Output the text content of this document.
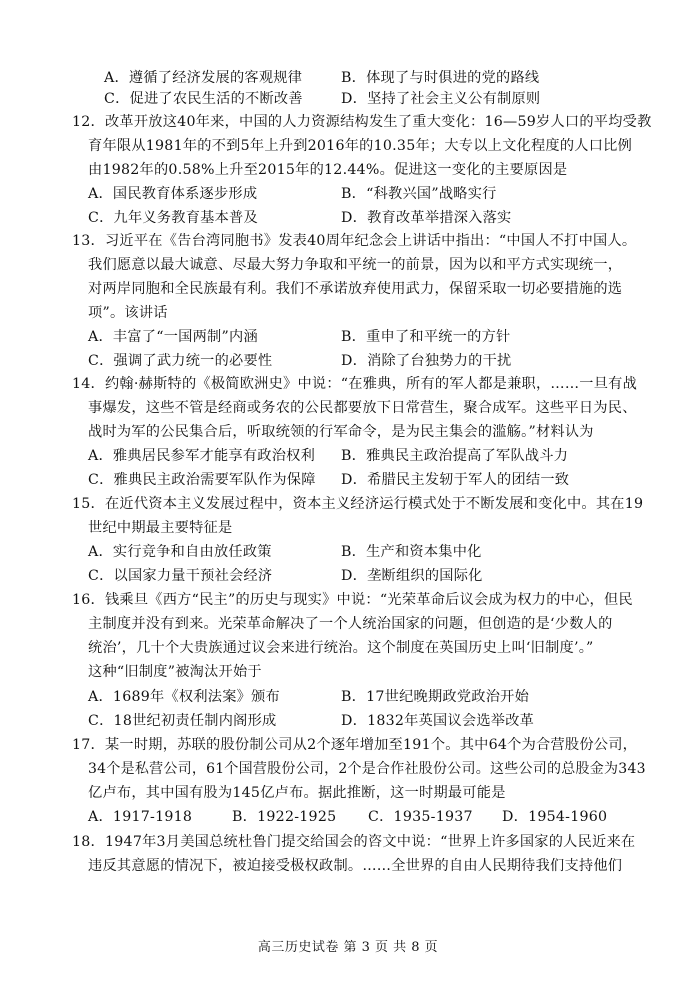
A．遵循了经济发展的客观规律	B．体现了与时俱进的党的路线
C．促进了农民生活的不断改善	D．坚持了社会主义公有制原则
12．改革开放这40年来，中国的人力资源结构发生了重大变化：16—59岁人口的平均受教
育年限从1981年的不到5年上升到2016年的10.35年；大专以上文化程度的人口比例
由1982年的0.58%上升至2015年的12.44%。促进这一变化的主要原因是
A．国民教育体系逐步形成	B．“科教兴国”战略实行
C．九年义务教育基本普及	D．教育改革举措深入落实
13．习近平在《告台湾同胞书》发表40周年纪念会上讲话中指出：“中国人不打中国人。
我们愿意以最大诚意、尽最大努力争取和平统一的前景，因为以和平方式实现统一，
对两岸同胞和全民族最有利。我们不承诺放弃使用武力，保留采取一切必要措施的选
项”。该讲话
A．丰富了“一国两制”内涵	B．重申了和平统一的方针
C．强调了武力统一的必要性	D．消除了台独势力的干扰
14．约翰·赫斯特的《极简欧洲史》中说：“在雅典，所有的军人都是兼职，……一旦有战
事爆发，这些不管是经商或务农的公民都要放下日常营生，聚合成军。这些平日为民、
战时为军的公民集合后，听取统领的行军命令，是为民主集会的滥觞。”材料认为
A．雅典居民参军才能享有政治权利 B．雅典民主政治提高了军队战斗力
C．雅典民主政治需要军队作为保障 D．希腊民主发轫于军人的团结一致
15．在近代资本主义发展过程中，资本主义经济运行模式处于不断发展和变化中。其在19
世纪中期最主要特征是
A．实行竞争和自由放任政策	B．生产和资本集中化
C．以国家力量干预社会经济	D．垄断组织的国际化
16．钱乘旦《西方“民主”的历史与现实》中说：“光荣革命后议会成为权力的中心，但民
主制度并没有到来。光荣革命解决了一个人统治国家的问题，但创造的是‘少数人的
统治’，几十个大贵族通过议会来进行统治。这个制度在英国历史上叫‘旧制度’。”
这种“旧制度”被淘汰开始于
A．1689年《权利法案》颁布	B．17世纪晚期政党政治开始
C．18世纪初责任制内阁形成	D．1832年英国议会选举改革
17．某一时期，苏联的股份制公司从2个逐年增加至191个。其中64个为合营股份公司，
34个是私营公司，61个国营股份公司，2个是合作社股份公司。这些公司的总股金为343
亿卢布，其中国有股为145亿卢布。据此推断，这一时期最可能是
A．1917-1918	B．1922-1925 C．1935-1937 D．1954-1960
18．1947年3月美国总统杜鲁门提交给国会的咨文中说：“世界上许多国家的人民近来在
违反其意愿的情况下，被迫接受极权政制。……全世界的自由人民期待我们支持他们
高三历史试卷 第 3 页 共 8 页
